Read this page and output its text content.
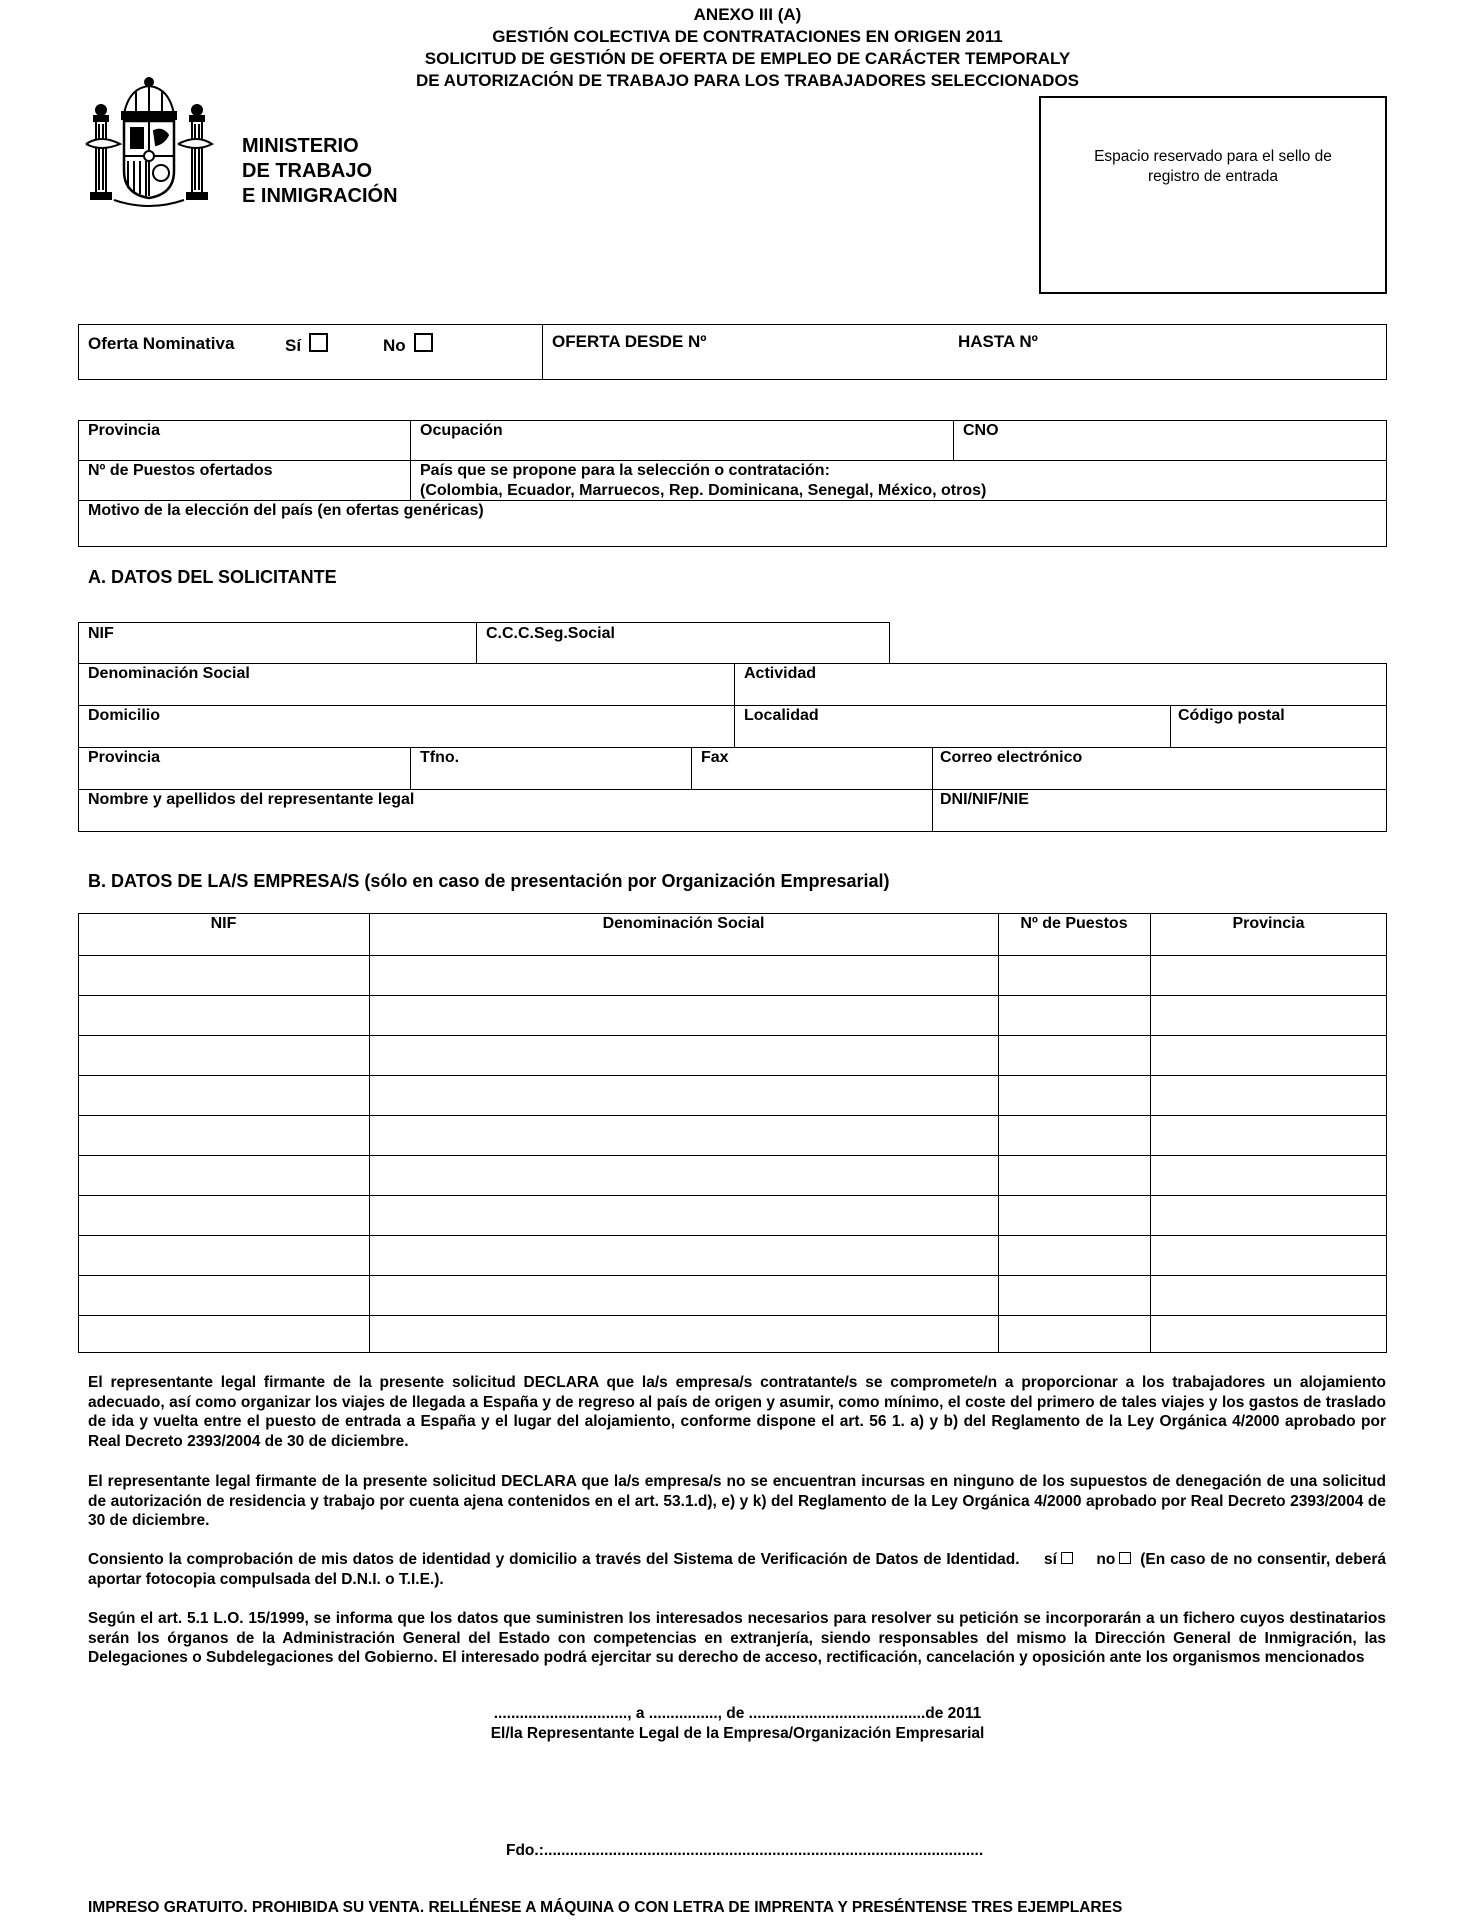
ANEXO III (A)
GESTIÓN COLECTIVA DE CONTRATACIONES EN ORIGEN 2011
SOLICITUD DE GESTIÓN DE OFERTA DE EMPLEO DE CARÁCTER TEMPORALY
DE AUTORIZACIÓN DE TRABAJO PARA LOS TRABAJADORES SELECCIONADOS
MINISTERIO
DE TRABAJO
E INMIGRACIÓN
Espacio reservado para el sello de
registro de entrada
Oferta Nominativa	Sí	No	OFERTA DESDE Nº	HASTA Nº
Provincia	Ocupación	CNO
Nº de Puestos ofertados	País que se propone para la selección o contratación:
(Colombia, Ecuador, Marruecos, Rep. Dominicana, Senegal, México, otros)
Motivo de la elección del país (en ofertas genéricas)
A. DATOS DEL SOLICITANTE
NIF	C.C.C.Seg.Social
Denominación Social	Actividad
Domicilio	Localidad	Código postal
Provincia	Tfno.	Fax	Correo electrónico
Nombre y apellidos del representante legal	DNI/NIF/NIE
B. DATOS DE LA/S EMPRESA/S (sólo en caso de presentación por Organización Empresarial)
NIF	Denominación Social	Nº de Puestos	Provincia
El representante legal firmante de la presente solicitud DECLARA que la/s empresa/s contratante/s se compromete/n a proporcionar a los trabajadores un alojamiento adecuado, así como organizar los viajes de llegada a España y de regreso al país de origen y asumir, como mínimo, el coste del primero de tales viajes y los gastos de traslado de ida y vuelta entre el puesto de entrada a España y el lugar del alojamiento, conforme dispone el art. 56 1. a) y b) del Reglamento de la Ley Orgánica 4/2000 aprobado por Real Decreto 2393/2004 de 30 de diciembre.
El representante legal firmante de la presente solicitud DECLARA que la/s empresa/s no se encuentran incursas en ninguno de los supuestos de denegación de una solicitud de autorización de residencia y trabajo por cuenta ajena contenidos en el art. 53.1.d), e) y k) del Reglamento de la Ley Orgánica 4/2000 aprobado por Real Decreto 2393/2004 de 30 de diciembre.
Consiento la comprobación de mis datos de identidad y domicilio a través del Sistema de Verificación de Datos de Identidad. sí	no (En caso de no consentir, deberá aportar fotocopia compulsada del D.N.I. o T.I.E.).
Según el art. 5.1 L.O. 15/1999, se informa que los datos que suministren los interesados necesarios para resolver su petición se incorporarán a un fichero cuyos destinatarios serán los órganos de la Administración General del Estado con competencias en extranjería, siendo responsables del mismo la Dirección General de Inmigración, las Delegaciones o Subdelegaciones del Gobierno. El interesado podrá ejercitar su derecho de acceso, rectificación, cancelación y oposición ante los organismos mencionados
..............................., a ................, de .........................................de 2011
El/la Representante Legal de la Empresa/Organización Empresarial
Fdo.:......................................................................................................
IMPRESO GRATUITO. PROHIBIDA SU VENTA. RELLÉNESE A MÁQUINA O CON LETRA DE IMPRENTA Y PRESÉNTENSE TRES EJEMPLARES
